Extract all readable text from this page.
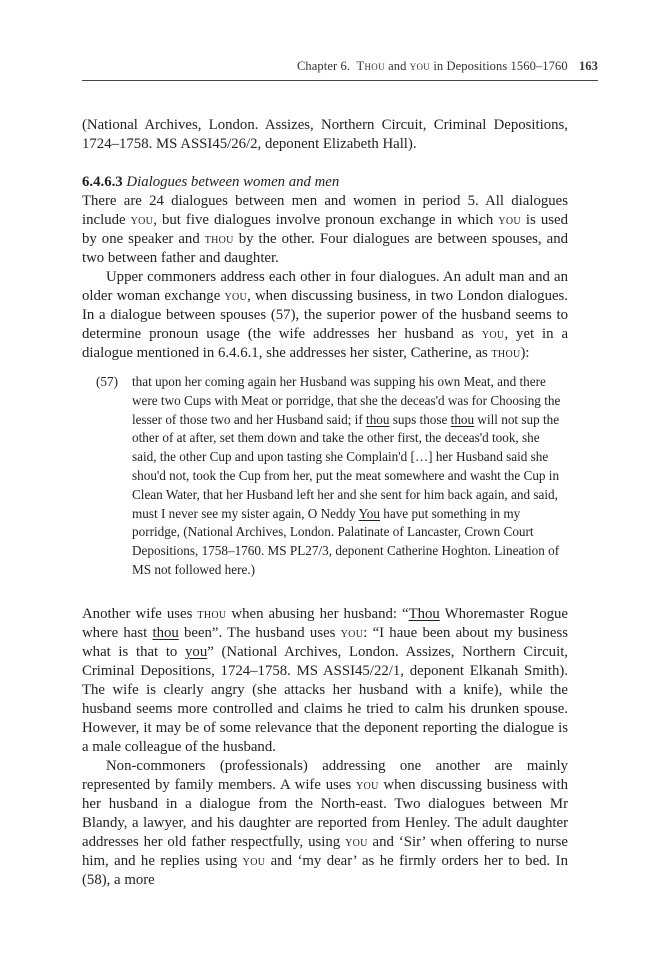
Chapter 6. Thou and you in Depositions 1560–1760 163

(National Archives, London. Assizes, Northern Circuit, Criminal Depositions, 1724–1758. MS ASSI45/26/2, deponent Elizabeth Hall).

6.4.6.3 Dialogues between women and men

There are 24 dialogues between men and women in period 5. All dialogues include you, but five dialogues involve pronoun exchange in which you is used by one speaker and thou by the other. Four dialogues are between spouses, and two between father and daughter.

Upper commoners address each other in four dialogues. An adult man and an older woman exchange you, when discussing business, in two London dialogues. In a dialogue between spouses (57), the superior power of the husband seems to determine pronoun usage (the wife addresses her husband as you, yet in a dialogue mentioned in 6.4.6.1, she addresses her sister, Catherine, as thou):

(57) that upon her coming again her Husband was supping his own Meat, and there were two Cups with Meat or porridge, that she the deceas'd was for Choosing the lesser of those two and her Husband said; if thou sups those thou will not sup the other of at after, set them down and take the other first, the deceas'd took, she said, the other Cup and upon tasting she Complain'd […] her Husband said she shou'd not, took the Cup from her, put the meat somewhere and washt the Cup in Clean Water, that her Husband left her and she sent for him back again, and said, must I never see my sister again, O Neddy You have put something in my porridge, (National Archives, London. Palatinate of Lancaster, Crown Court Depositions, 1758–1760. MS PL27/3, deponent Catherine Hoghton. Lineation of MS not followed here.)

Another wife uses thou when abusing her husband: “Thou Whoremaster Rogue where hast thou been”. The husband uses you: “I haue been about my business what is that to you” (National Archives, London. Assizes, Northern Circuit, Criminal Depositions, 1724–1758. MS ASSI45/22/1, deponent Elkanah Smith). The wife is clearly angry (she attacks her husband with a knife), while the husband seems more controlled and claims he tried to calm his drunken spouse. However, it may be of some relevance that the deponent reporting the dialogue is a male colleague of the husband.

Non-commoners (professionals) addressing one another are mainly represented by family members. A wife uses you when discussing business with her husband in a dialogue from the North-east. Two dialogues between Mr Blandy, a lawyer, and his daughter are reported from Henley. The adult daughter addresses her old father respectfully, using you and ‘Sir’ when offering to nurse him, and he replies using you and ‘my dear’ as he firmly orders her to bed. In (58), a more
